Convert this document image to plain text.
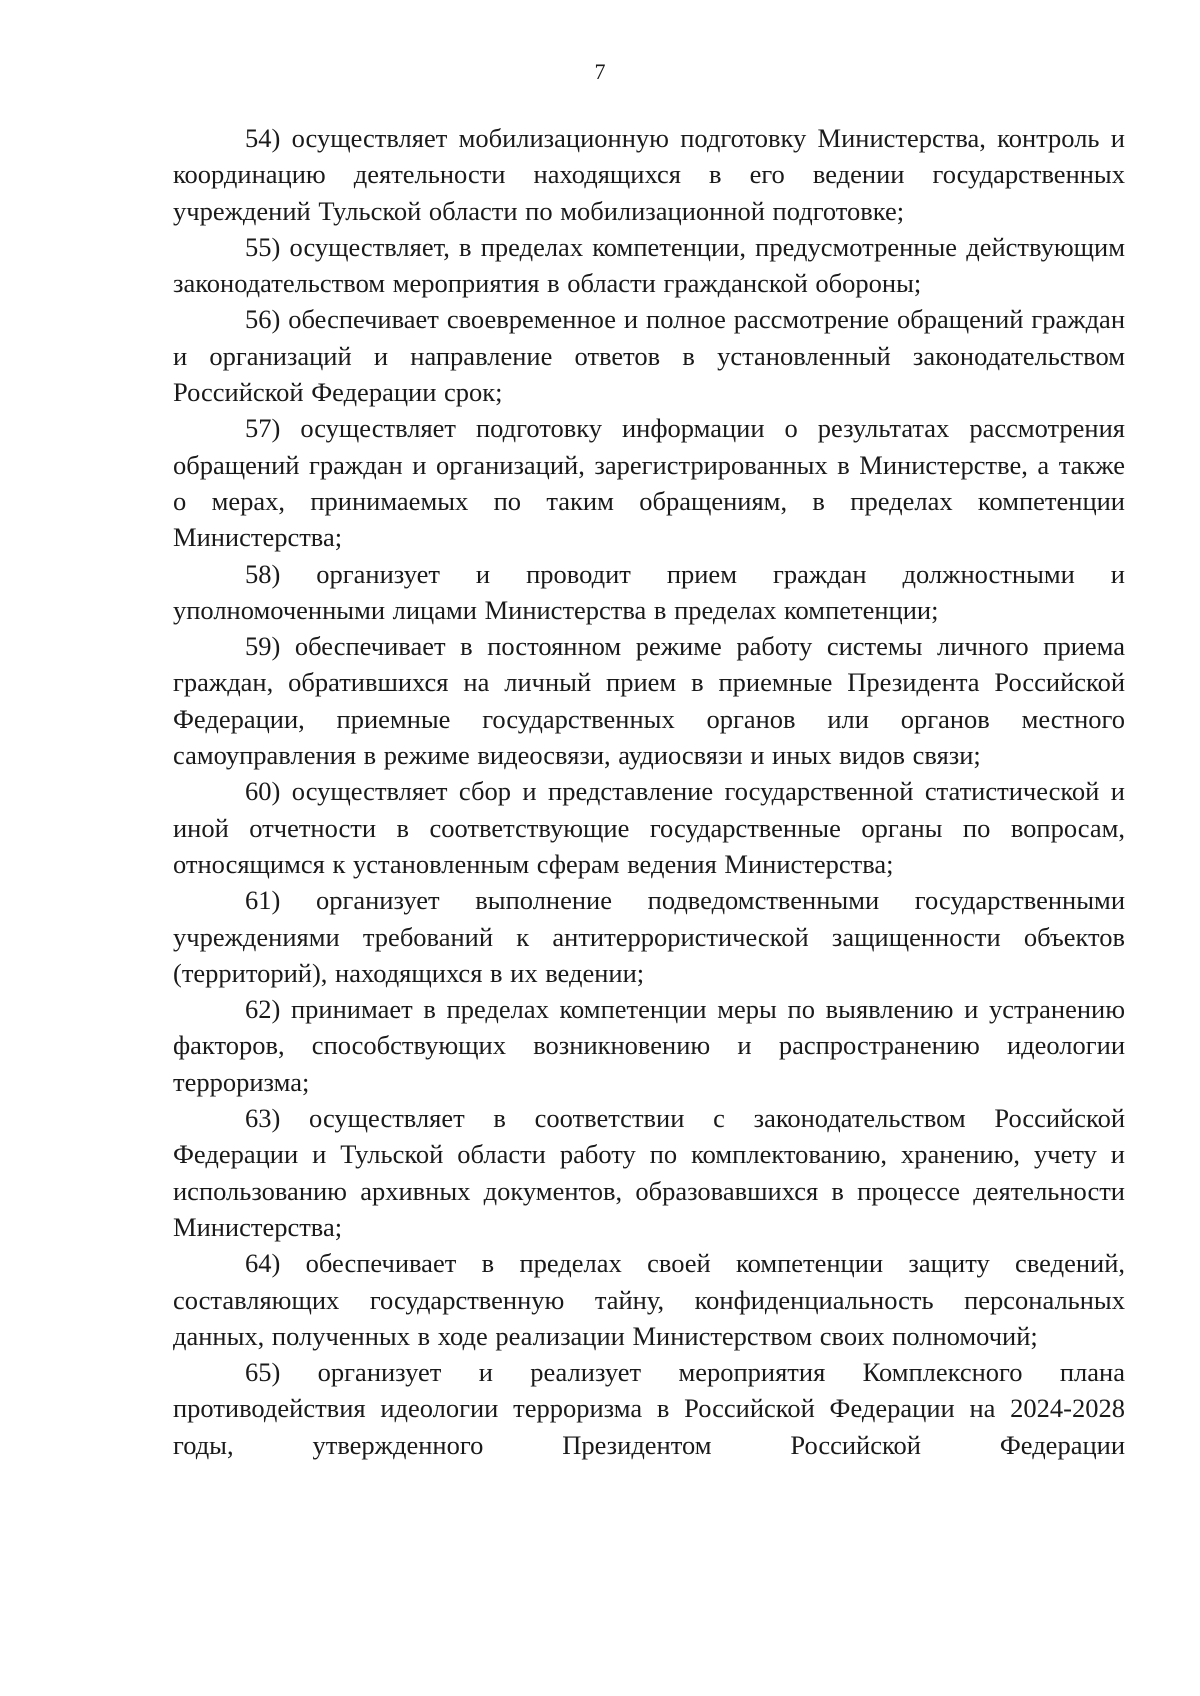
7

54) осуществляет мобилизационную подготовку Министерства, контроль и координацию деятельности находящихся в его ведении государственных учреждений Тульской области по мобилизационной подготовке;

55) осуществляет, в пределах компетенции, предусмотренные действующим законодательством мероприятия в области гражданской обороны;

56) обеспечивает своевременное и полное рассмотрение обращений граждан и организаций и направление ответов в установленный законодательством Российской Федерации срок;

57) осуществляет подготовку информации о результатах рассмотрения обращений граждан и организаций, зарегистрированных в Министерстве, а также о мерах, принимаемых по таким обращениям, в пределах компетенции Министерства;

58) организует и проводит прием граждан должностными и уполномоченными лицами Министерства в пределах компетенции;

59) обеспечивает в постоянном режиме работу системы личного приема граждан, обратившихся на личный прием в приемные Президента Российской Федерации, приемные государственных органов или органов местного самоуправления в режиме видеосвязи, аудиосвязи и иных видов связи;

60) осуществляет сбор и представление государственной статистической и иной отчетности в соответствующие государственные органы по вопросам, относящимся к установленным сферам ведения Министерства;

61) организует выполнение подведомственными государственными учреждениями требований к антитеррористической защищенности объектов (территорий), находящихся в их ведении;

62) принимает в пределах компетенции меры по выявлению и устранению факторов, способствующих возникновению и распространению идеологии терроризма;

63) осуществляет в соответствии с законодательством Российской Федерации и Тульской области работу по комплектованию, хранению, учету и использованию архивных документов, образовавшихся в процессе деятельности Министерства;

64) обеспечивает в пределах своей компетенции защиту сведений, составляющих государственную тайну, конфиденциальность персональных данных, полученных в ходе реализации Министерством своих полномочий;

65) организует и реализует мероприятия Комплексного плана противодействия идеологии терроризма в Российской Федерации на 2024-2028 годы, утвержденного Президентом Российской Федерации
